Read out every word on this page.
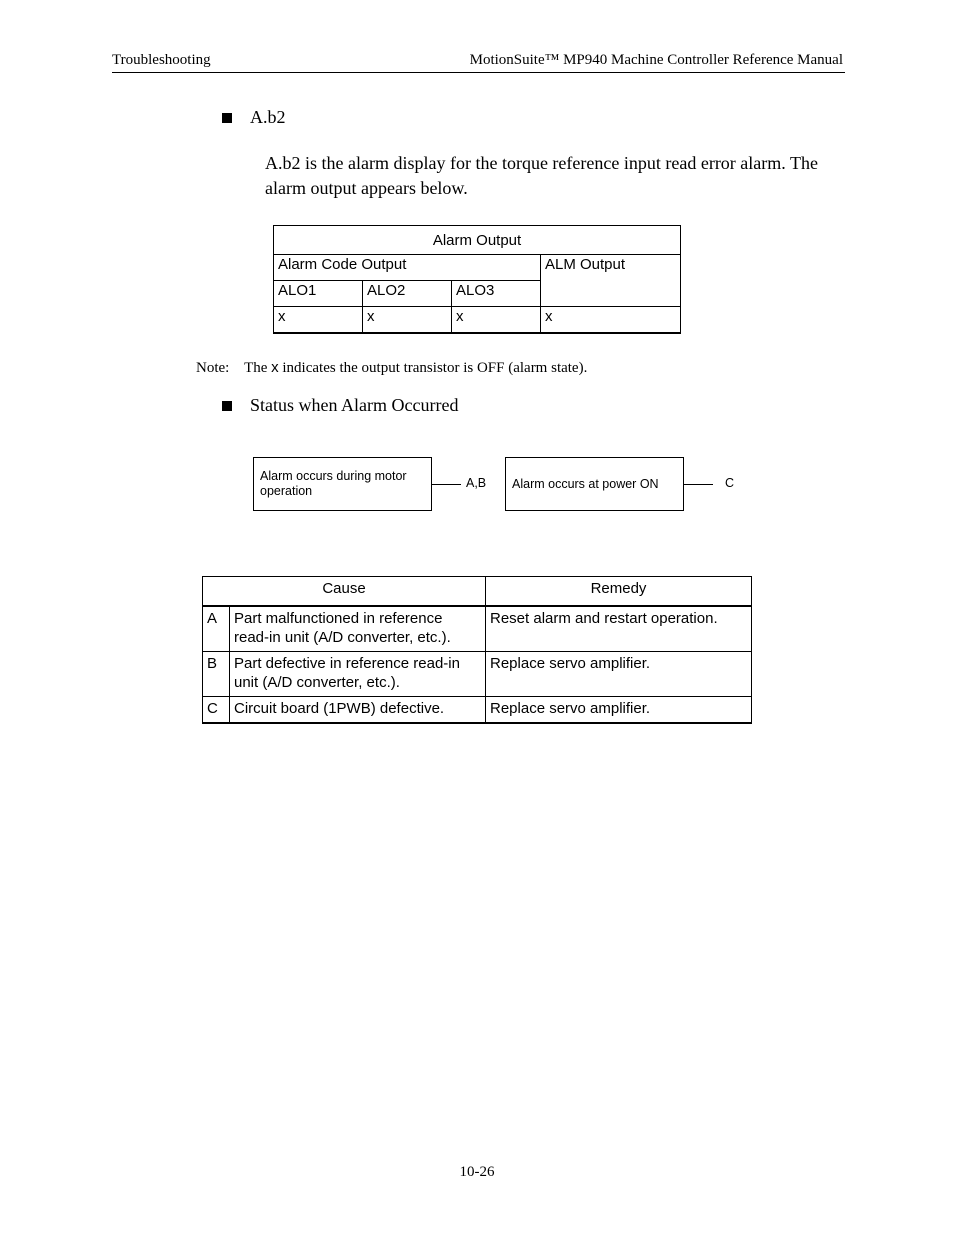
Troubleshooting	MotionSuite™ MP940 Machine Controller Reference Manual
A.b2
A.b2 is the alarm display for the torque reference input read error alarm. The alarm output appears below.
Alarm Output			
Alarm Code Output			ALM Output
ALO1	ALO2	ALO3	
x	x	x	x
Note: The x indicates the output transistor is OFF (alarm state).
Status when Alarm Occurred
Alarm occurs during motor operation
A,B Alarm occurs at power ON	C
Cause		Remedy
A	Part malfunctioned in reference read-in unit (A/D converter, etc.).	Reset alarm and restart operation.
B	Part defective in reference read-in unit (A/D converter, etc.).	Replace servo amplifier.
C	Circuit board (1PWB) defective.	Replace servo amplifier.
10-26
